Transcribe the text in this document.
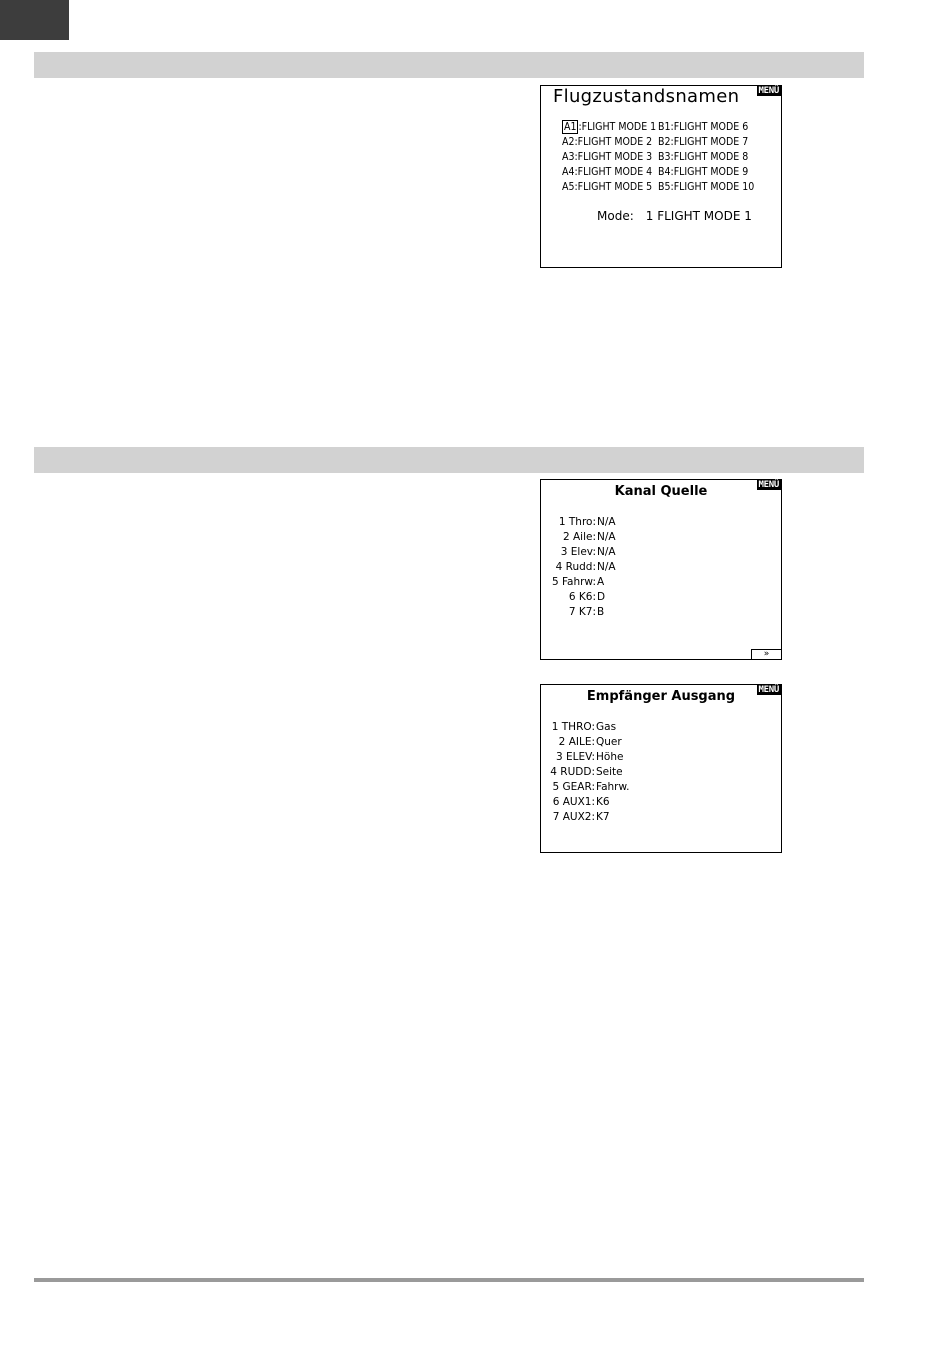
Flugzustandsnamen MENÜ
A1 :FLIGHT MODE 1
A2:FLIGHT MODE 2
A3:FLIGHT MODE 3
A4:FLIGHT MODE 4
A5:FLIGHT MODE 5
B1:FLIGHT MODE 6
B2:FLIGHT MODE 7
B3:FLIGHT MODE 8
B4:FLIGHT MODE 9
B5:FLIGHT MODE 10
Mode: 1 FLIGHT MODE 1
Kanal Quelle	MENÜ
1 Thro:N/A
2 Aile:N/A
3 Elev:N/A
4 Rudd:N/A
5 Fahrw:A
6 K6:D
7 K7:B
»
Empfänger Ausgang	MENÜ
1 THRO:Gas
2 AILE:Quer
3 ELEV:Höhe
4 RUDD:Seite
5 GEAR:Fahrw.
6 AUX1:K6
7 AUX2:K7
